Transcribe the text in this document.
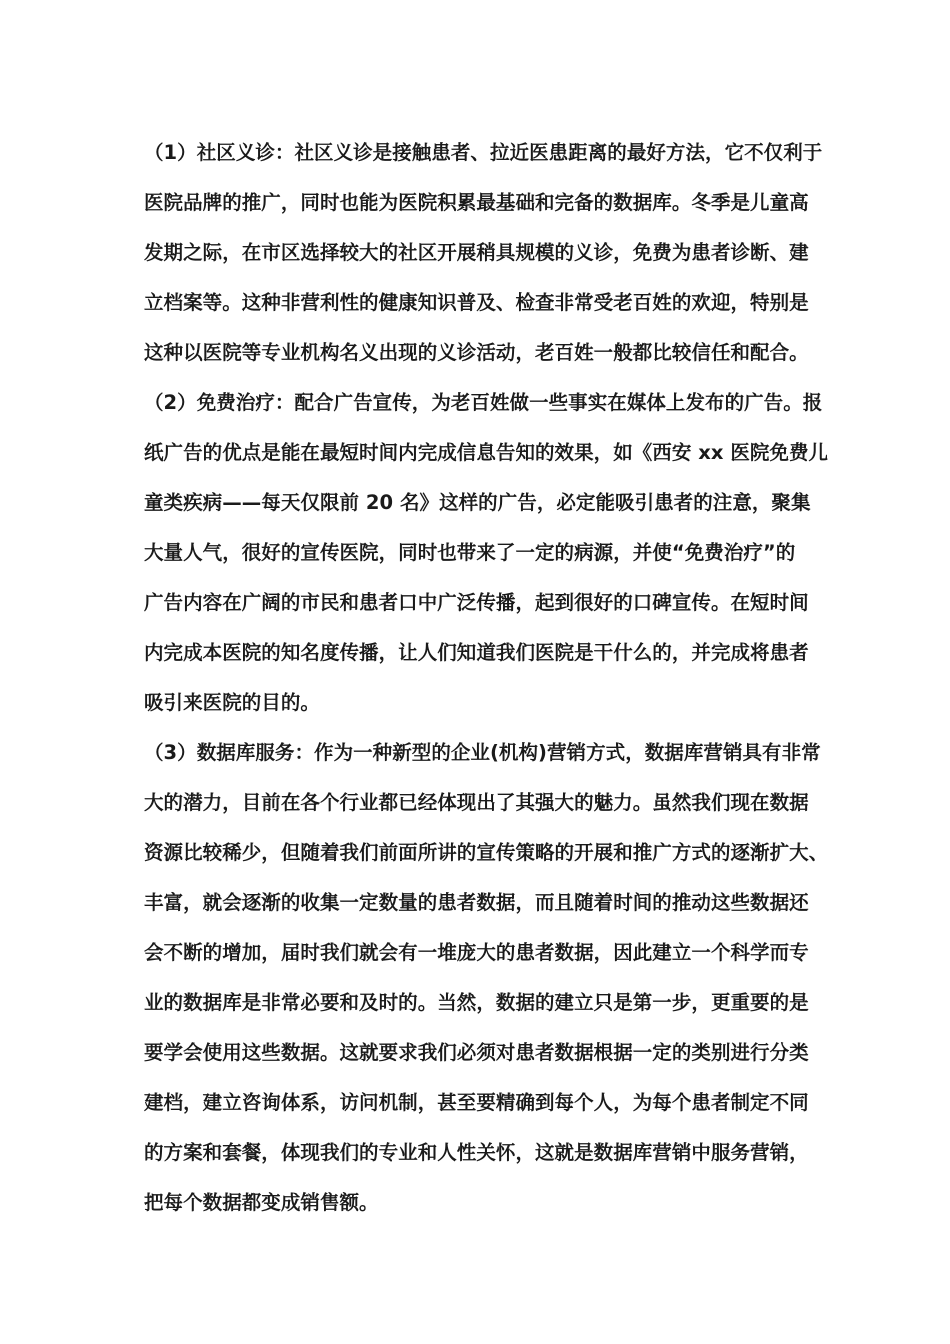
（1）社区义诊：社区义诊是接触患者、拉近医患距离的最好方法，它不仅利于
医院品牌的推广，同时也能为医院积累最基础和完备的数据库。冬季是儿童高
发期之际，在市区选择较大的社区开展稍具规模的义诊，免费为患者诊断、建
立档案等。这种非营利性的健康知识普及、检查非常受老百姓的欢迎，特别是
这种以医院等专业机构名义出现的义诊活动，老百姓一般都比较信任和配合。
（2）免费治疗：配合广告宣传，为老百姓做一些事实在媒体上发布的广告。报
纸广告的优点是能在最短时间内完成信息告知的效果，如《西安 xx 医院免费儿
童类疾病——每天仅限前 20 名》这样的广告，必定能吸引患者的注意，聚集
大量人气，很好的宣传医院，同时也带来了一定的病源，并使“免费治疗”的
广告内容在广阔的市民和患者口中广泛传播，起到很好的口碑宣传。在短时间
内完成本医院的知名度传播，让人们知道我们医院是干什么的，并完成将患者
吸引来医院的目的。
（3）数据库服务：作为一种新型的企业(机构)营销方式，数据库营销具有非常
大的潜力，目前在各个行业都已经体现出了其强大的魅力。虽然我们现在数据
资源比较稀少，但随着我们前面所讲的宣传策略的开展和推广方式的逐渐扩大、
丰富，就会逐渐的收集一定数量的患者数据，而且随着时间的推动这些数据还
会不断的增加，届时我们就会有一堆庞大的患者数据，因此建立一个科学而专
业的数据库是非常必要和及时的。当然，数据的建立只是第一步，更重要的是
要学会使用这些数据。这就要求我们必须对患者数据根据一定的类别进行分类
建档，建立咨询体系，访问机制，甚至要精确到每个人，为每个患者制定不同
的方案和套餐，体现我们的专业和人性关怀，这就是数据库营销中服务营销，
把每个数据都变成销售额。
